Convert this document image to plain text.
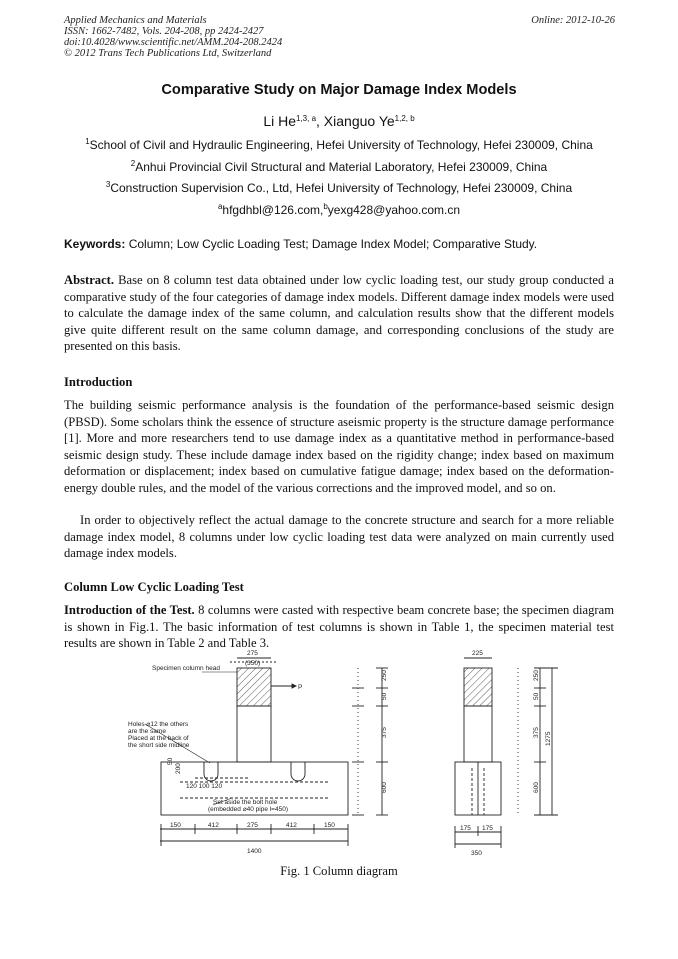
Applied Mechanics and Materials
ISSN: 1662-7482, Vols. 204-208, pp 2424-2427
doi:10.4028/www.scientific.net/AMM.204-208.2424
© 2012 Trans Tech Publications Ltd, Switzerland
Online: 2012-10-26
Comparative Study on Major Damage Index Models
Li He$^{1,3, a}$, Xianguo Ye$^{1,2, b}$
$^1$School of Civil and Hydraulic Engineering, Hefei University of Technology, Hefei 230009, China
$^2$Anhui Provincial Civil Structural and Material Laboratory, Hefei 230009, China
$^3$Construction Supervision Co., Ltd, Hefei University of Technology, Hefei 230009, China
$^a$hfgdhbl@126.com,$^b$yexg428@yahoo.com.cn
Keywords: Column; Low Cyclic Loading Test; Damage Index Model; Comparative Study.
Abstract. Base on 8 column test data obtained under low cyclic loading test, our study group conducted a comparative study of the four categories of damage index models. Different damage index models were used to calculate the damage index of the same column, and calculation results show that the different models give quite different result on the same column damage, and corresponding conclusions of the study are presented on this basis.
Introduction
The building seismic performance analysis is the foundation of the performance-based seismic design (PBSD). Some scholars think the essence of structure aseismic property is the structure damage performance [1]. More and more researchers tend to use damage index as a quantitative method in performance-based seismic design study. These include damage index based on the rigidity change; index based on maximum deformation or displacement; index based on cumulative fatigue damage; index based on the deformation-energy double rules, and the model of the various corrections and the improved model, and so on.
In order to objectively reflect the actual damage to the concrete structure and search for a more reliable damage index model, 8 columns under low cyclic loading test data were analyzed on main currently used damage index models.
Column Low Cyclic Loading Test
Introduction of the Test. 8 columns were casted with respective beam concrete base; the specimen diagram is shown in Fig.1. The basic information of test columns is shown in Table 1, the specimen material test results are shown in Table 2 and Table 3.
Specimen column head
P
Holes ⌀12 the others
are the same
Placed at the back of
the short side midline
120 100 120
Set aside the bolt hole
(embedded ⌀40 pipe l=450)
275
(350)
150	412	275	412	150
1400
250
50
375
600
50
200
225
175 175
350
250
50
375
600
1275
Fig. 1 Column diagram
